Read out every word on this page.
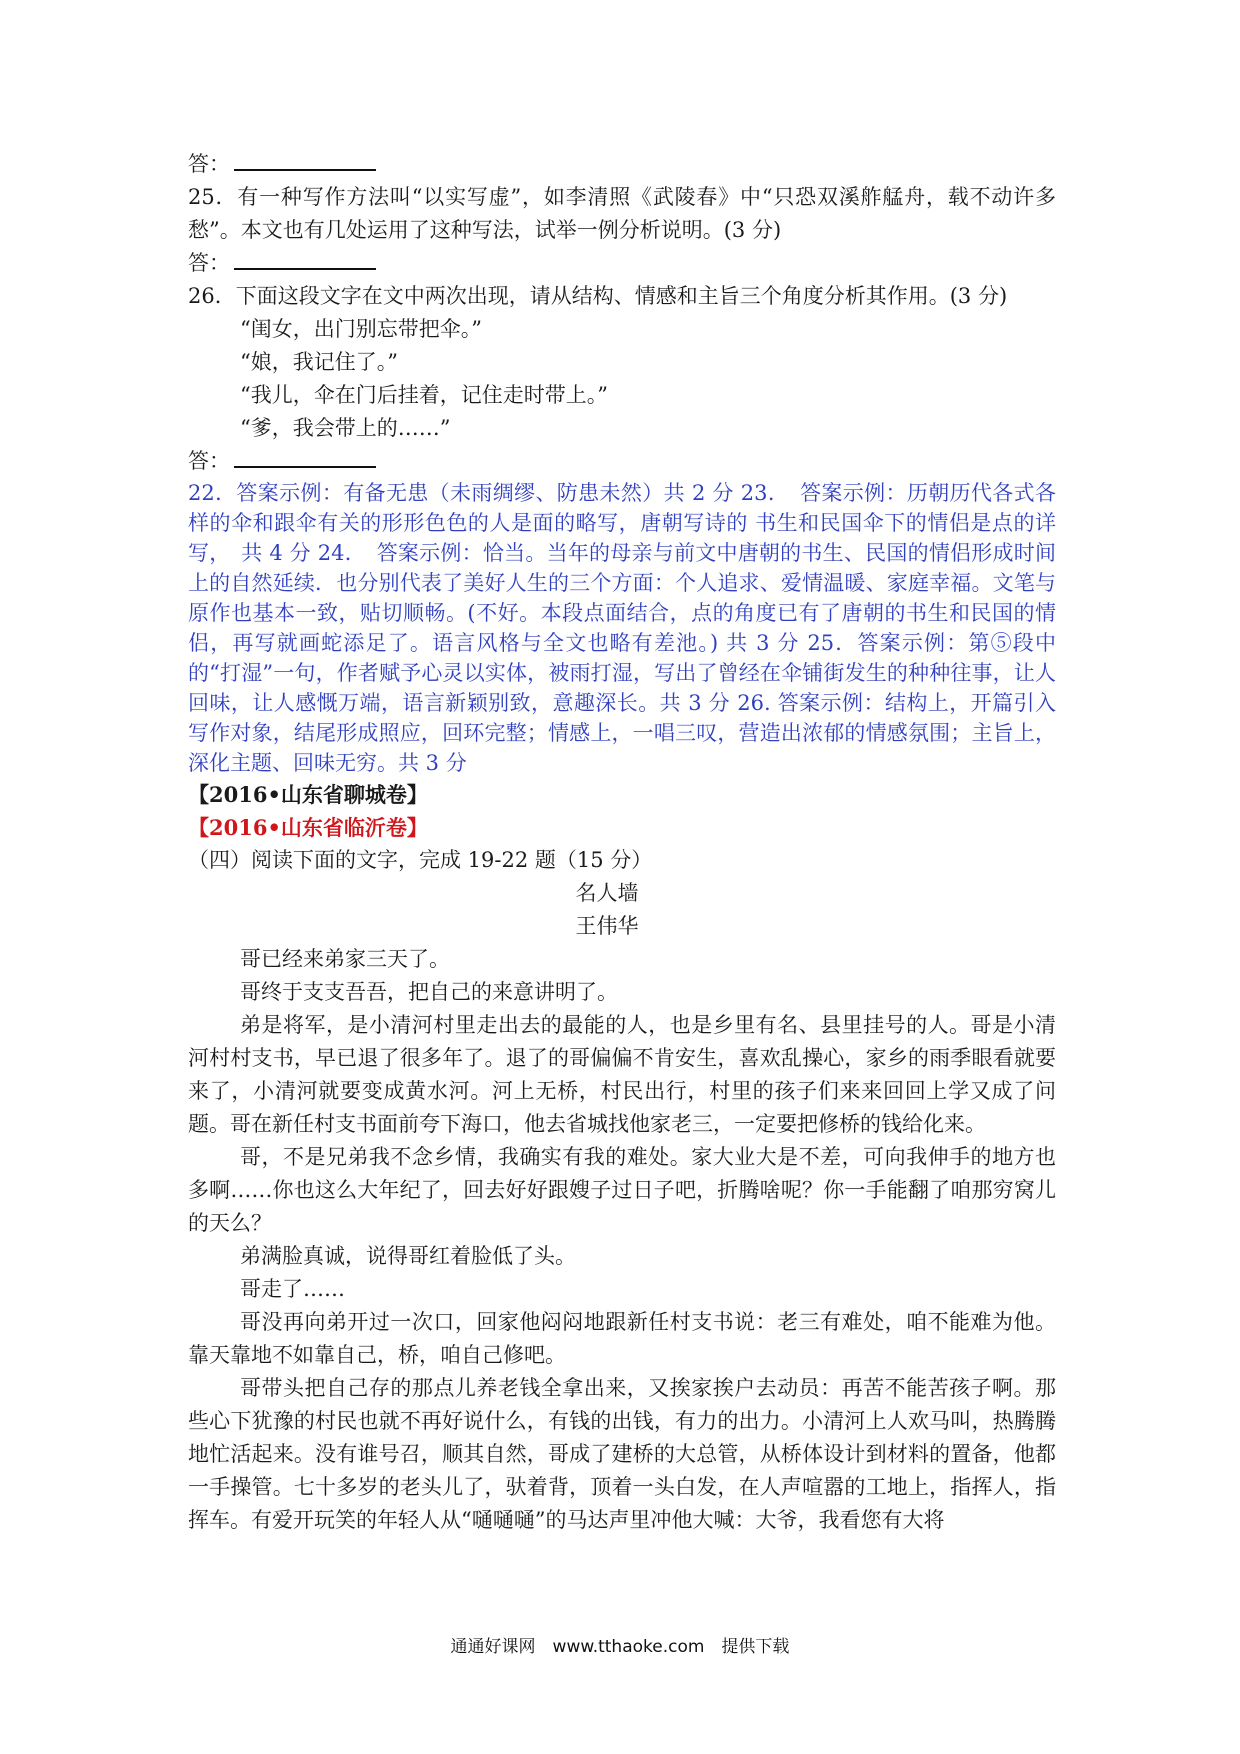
答：
25．有一种写作方法叫“以实写虚”，如李清照《武陵春》中“只恐双溪舴艋舟，载不动许多愁”。本文也有几处运用了这种写法，试举一例分析说明。(3 分)
答：
26．下面这段文字在文中两次出现，请从结构、情感和主旨三个角度分析其作用。(3 分)
“闺女，出门别忘带把伞。”
“娘，我记住了。”
“我儿，伞在门后挂着，记住走时带上。”
“爹，我会带上的……”
答：
22．答案示例：有备无患（未雨绸缪、防患未然）共 2 分 23．　答案示例：历朝历代各式各样的伞和跟伞有关的形形色色的人是面的略写，唐朝写诗的 书生和民国伞下的情侣是点的详写，　共 4 分 24．　答案示例：恰当。当年的母亲与前文中唐朝的书生、民国的情侣形成时间上的自然延续．也分别代表了美好人生的三个方面：个人追求、爱情温暖、家庭幸福。文笔与原作也基本一致，贴切顺畅。(不好。本段点面结合，点的角度已有了唐朝的书生和民国的情侣，再写就画蛇添足了。语言风格与全文也略有差池。) 共 3 分 25．答案示例：第⑤段中的“打湿”一句，作者赋予心灵以实体，被雨打湿，写出了曾经在伞铺街发生的种种往事，让人回味，让人感慨万端，语言新颖别致，意趣深长。共 3 分 26. 答案示例：结构上，开篇引入写作对象，结尾形成照应，回环完整；情感上，一唱三叹，营造出浓郁的情感氛围；主旨上，深化主题、回味无穷。共 3 分
【2016•山东省聊城卷】
【2016•山东省临沂卷】
（四）阅读下面的文字，完成 19-22 题（15 分）
名人墙
王伟华
哥已经来弟家三天了。
哥终于支支吾吾，把自己的来意讲明了。
弟是将军，是小清河村里走出去的最能的人，也是乡里有名、县里挂号的人。哥是小清河村村支书，早已退了很多年了。退了的哥偏偏不肯安生，喜欢乱操心，家乡的雨季眼看就要来了，小清河就要变成黄水河。河上无桥，村民出行，村里的孩子们来来回回上学又成了问题。哥在新任村支书面前夸下海口，他去省城找他家老三，一定要把修桥的钱给化来。
哥，不是兄弟我不念乡情，我确实有我的难处。家大业大是不差，可向我伸手的地方也多啊……你也这么大年纪了，回去好好跟嫂子过日子吧，折腾啥呢？你一手能翻了咱那穷窝儿的天么？
弟满脸真诚，说得哥红着脸低了头。
哥走了……
哥没再向弟开过一次口，回家他闷闷地跟新任村支书说：老三有难处，咱不能难为他。靠天靠地不如靠自己，桥，咱自己修吧。
哥带头把自己存的那点儿养老钱全拿出来，又挨家挨户去动员：再苦不能苦孩子啊。那些心下犹豫的村民也就不再好说什么，有钱的出钱，有力的出力。小清河上人欢马叫，热腾腾地忙活起来。没有谁号召，顺其自然，哥成了建桥的大总管，从桥体设计到材料的置备，他都一手操管。七十多岁的老头儿了，驮着背，顶着一头白发，在人声喧嚣的工地上，指挥人，指挥车。有爱开玩笑的年轻人从“嗵嗵嗵”的马达声里冲他大喊：大爷，我看您有大将
通通好课网　www.tthaoke.com　提供下载
